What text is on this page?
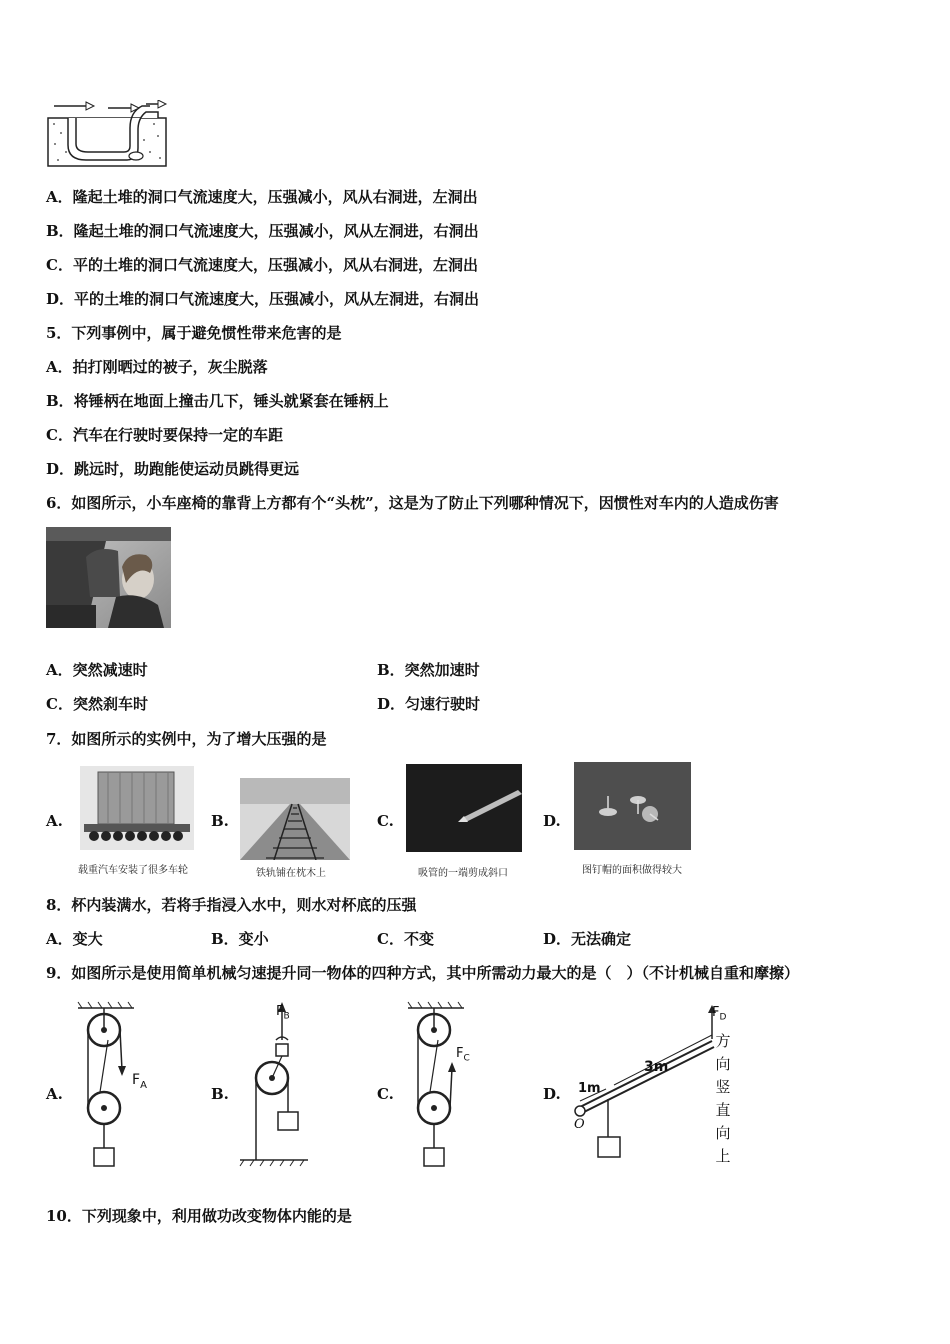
A．隆起土堆的洞口气流速度大，压强减小，风从右洞进，左洞出
B．隆起土堆的洞口气流速度大，压强减小，风从左洞进，右洞出
C．平的土堆的洞口气流速度大，压强减小，风从右洞进，左洞出
D．平的土堆的洞口气流速度大，压强减小，风从左洞进，右洞出
5．下列事例中，属于避免惯性带来危害的是
A．拍打刚晒过的被子，灰尘脱落
B．将锤柄在地面上撞击几下，锤头就紧套在锤柄上
C．汽车在行驶时要保持一定的车距
D．跳远时，助跑能使运动员跳得更远
6．如图所示，小车座椅的靠背上方都有个“头枕”，这是为了防止下列哪种情况下，因惯性对车内的人造成伤害
A．突然减速时	B．突然加速时
C．突然刹车时	D．匀速行驶时
7．如图所示的实例中，为了增大压强的是
A.
载重汽车安装了很多车轮
B.
铁轨铺在枕木上
C.
吸管的一端剪成斜口
D.
图钉帽的面积做得较大
8．杯内装满水，若将手指浸入水中，则水对杯底的压强
A．变大	B．变小	C．不变	D．无法确定
9．如图所示是使用简单机械匀速提升同一物体的四种方式，其中所需动力最大的是（　）（不计机械自重和摩擦）
A.
$F_A$	B.
$F_B$
C.
$F_C$
D.
$F_D$
1m
3m
O
方
向
竖
直
向
上
10．下列现象中，利用做功改变物体内能的是
